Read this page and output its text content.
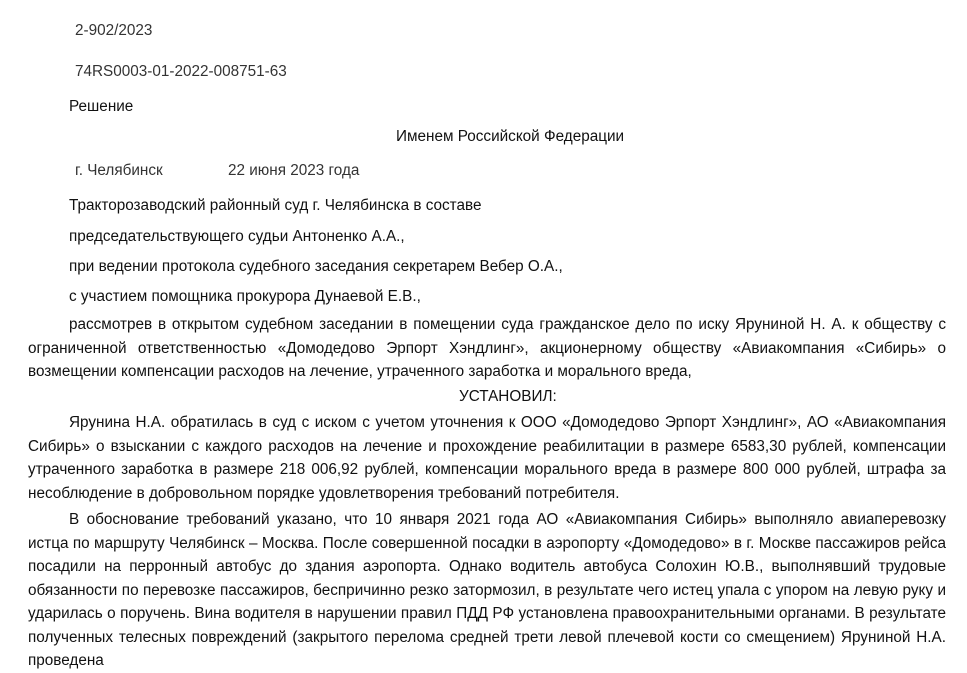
2-902/2023
74RS0003-01-2022-008751-63
Решение
Именем Российской Федерации
г. Челябинск	22 июня 2023 года
Тракторозаводский районный суд г. Челябинска в составе
председательствующего судьи Антоненко А.А.,
при ведении протокола судебного заседания секретарем Вебер О.А.,
с участием помощника прокурора Дунаевой Е.В.,
рассмотрев в открытом судебном заседании в помещении суда гражданское дело по иску Яруниной Н. А. к обществу с ограниченной ответственностью «Домодедово Эрпорт Хэндлинг», акционерному обществу «Авиакомпания «Сибирь» о возмещении компенсации расходов на лечение, утраченного заработка и морального вреда,
УСТАНОВИЛ:
Ярунина Н.А. обратилась в суд с иском с учетом уточнения к ООО «Домодедово Эрпорт Хэндлинг», АО «Авиакомпания Сибирь» о взыскании с каждого расходов на лечение и прохождение реабилитации в размере 6583,30 рублей, компенсации утраченного заработка в размере 218 006,92 рублей, компенсации морального вреда в размере 800 000 рублей, штрафа за несоблюдение в добровольном порядке удовлетворения требований потребителя.
В обоснование требований указано, что 10 января 2021 года АО «Авиакомпания Сибирь» выполняло авиаперевозку истца по маршруту Челябинск – Москва. После совершенной посадки в аэропорту «Домодедово» в г. Москве пассажиров рейса посадили на перронный автобус до здания аэропорта. Однако водитель автобуса Солохин Ю.В., выполнявший трудовые обязанности по перевозке пассажиров, беспричинно резко затормозил, в результате чего истец упала с упором на левую руку и ударилась о поручень. Вина водителя в нарушении правил ПДД РФ установлена правоохранительными органами. В результате полученных телесных повреждений (закрытого перелома средней трети левой плечевой кости со смещением) Яруниной Н.А. проведена
